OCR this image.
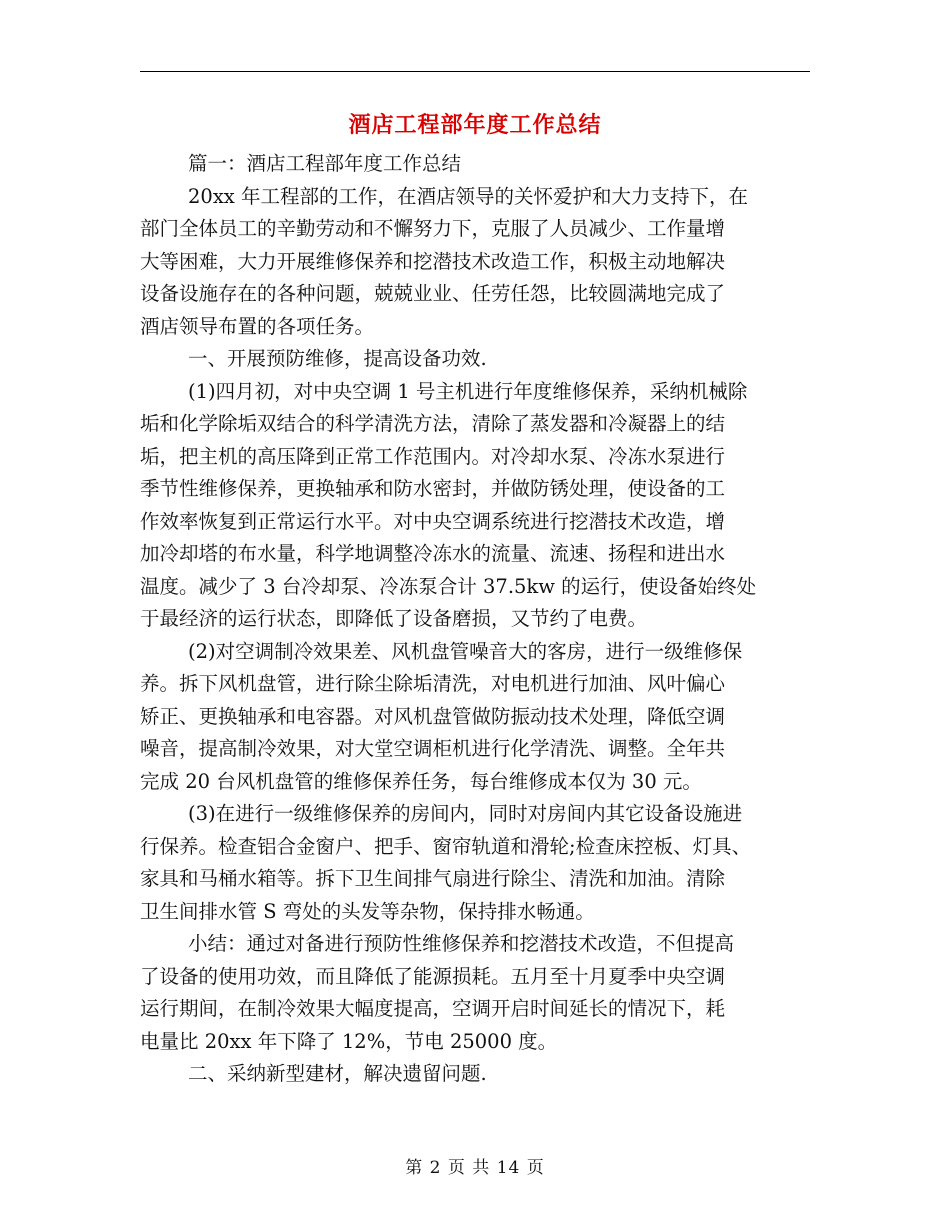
酒店工程部年度工作总结

篇一：酒店工程部年度工作总结

20xx 年工程部的工作，在酒店领导的关怀爱护和大力支持下，在

部门全体员工的辛勤劳动和不懈努力下，克服了人员减少、工作量增

大等困难，大力开展维修保养和挖潜技术改造工作，积极主动地解决

设备设施存在的各种问题，兢兢业业、任劳任怨，比较圆满地完成了

酒店领导布置的各项任务。

一、开展预防维修，提高设备功效.

(1)四月初，对中央空调 1 号主机进行年度维修保养，采纳机械除

垢和化学除垢双结合的科学清洗方法，清除了蒸发器和冷凝器上的结

垢，把主机的高压降到正常工作范围内。对冷却水泵、冷冻水泵进行

季节性维修保养，更换轴承和防水密封，并做防锈处理，使设备的工

作效率恢复到正常运行水平。对中央空调系统进行挖潜技术改造，增

加冷却塔的布水量，科学地调整冷冻水的流量、流速、扬程和进出水

温度。减少了 3 台冷却泵、冷冻泵合计 37.5kw 的运行，使设备始终处

于最经济的运行状态，即降低了设备磨损，又节约了电费。

(2)对空调制冷效果差、风机盘管噪音大的客房，进行一级维修保

养。拆下风机盘管，进行除尘除垢清洗，对电机进行加油、风叶偏心

矫正、更换轴承和电容器。对风机盘管做防振动技术处理，降低空调

噪音，提高制冷效果，对大堂空调柜机进行化学清洗、调整。全年共

完成 20 台风机盘管的维修保养任务，每台维修成本仅为 30 元。

(3)在进行一级维修保养的房间内，同时对房间内其它设备设施进

行保养。检查铝合金窗户、把手、窗帘轨道和滑轮;检查床控板、灯具、

家具和马桶水箱等。拆下卫生间排气扇进行除尘、清洗和加油。清除

卫生间排水管 S 弯处的头发等杂物，保持排水畅通。

小结：通过对备进行预防性维修保养和挖潜技术改造，不但提高

了设备的使用功效，而且降低了能源损耗。五月至十月夏季中央空调

运行期间，在制冷效果大幅度提高，空调开启时间延长的情况下，耗

电量比 20xx 年下降了 12%，节电 25000 度。

二、采纳新型建材，解决遗留问题.

第 2 页 共 14 页
